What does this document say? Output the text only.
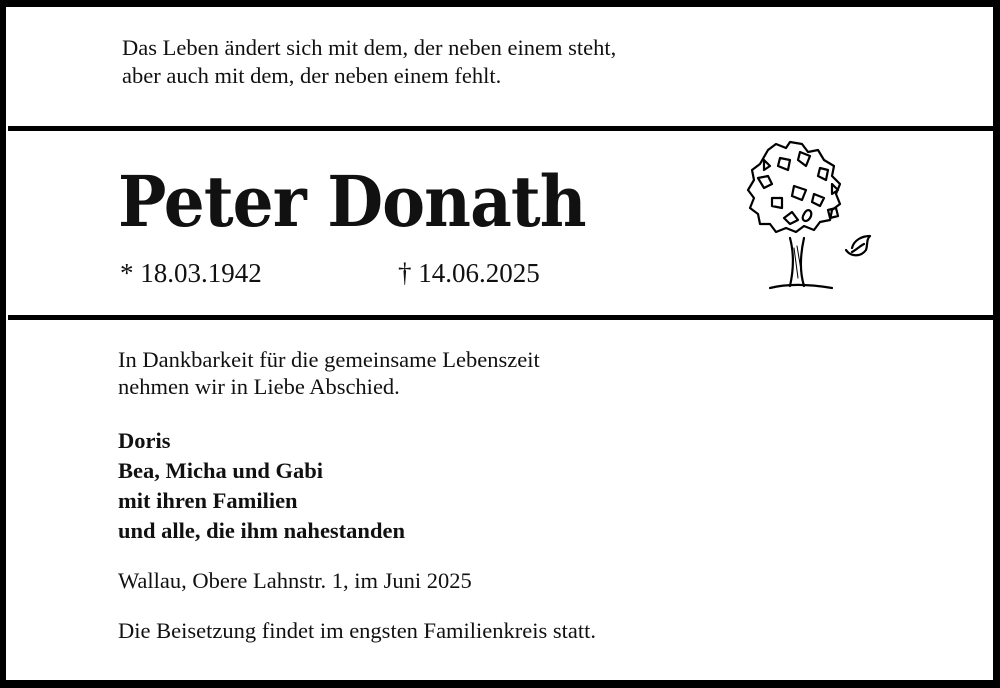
Das Leben ändert sich mit dem, der neben einem steht,
aber auch mit dem, der neben einem fehlt.
Peter Donath
* 18.03.1942	† 14.06.2025
In Dankbarkeit für die gemeinsame Lebenszeit
nehmen wir in Liebe Abschied.
Doris
Bea, Micha und Gabi
mit ihren Familien
und alle, die ihm nahestanden
Wallau, Obere Lahnstr. 1, im Juni 2025
Die Beisetzung findet im engsten Familienkreis statt.
